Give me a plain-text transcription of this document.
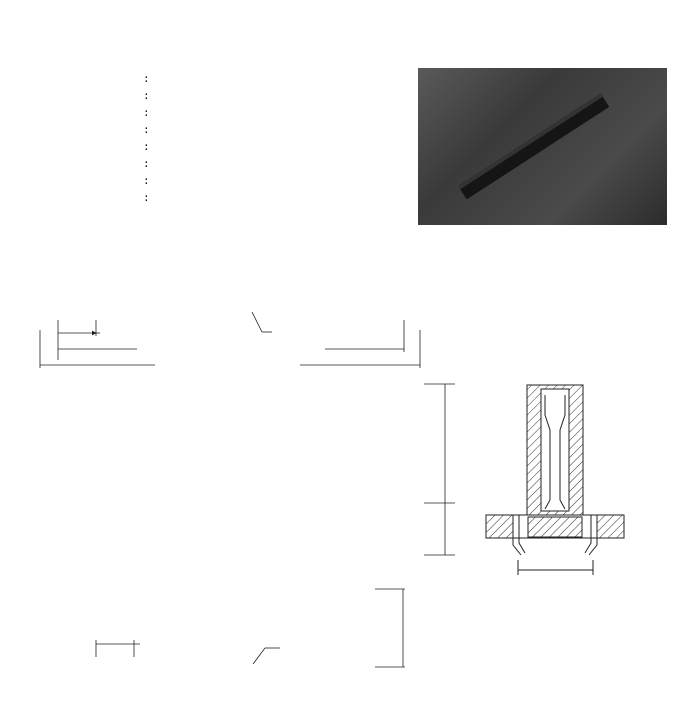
:
:
:
:
:
:
:
:
